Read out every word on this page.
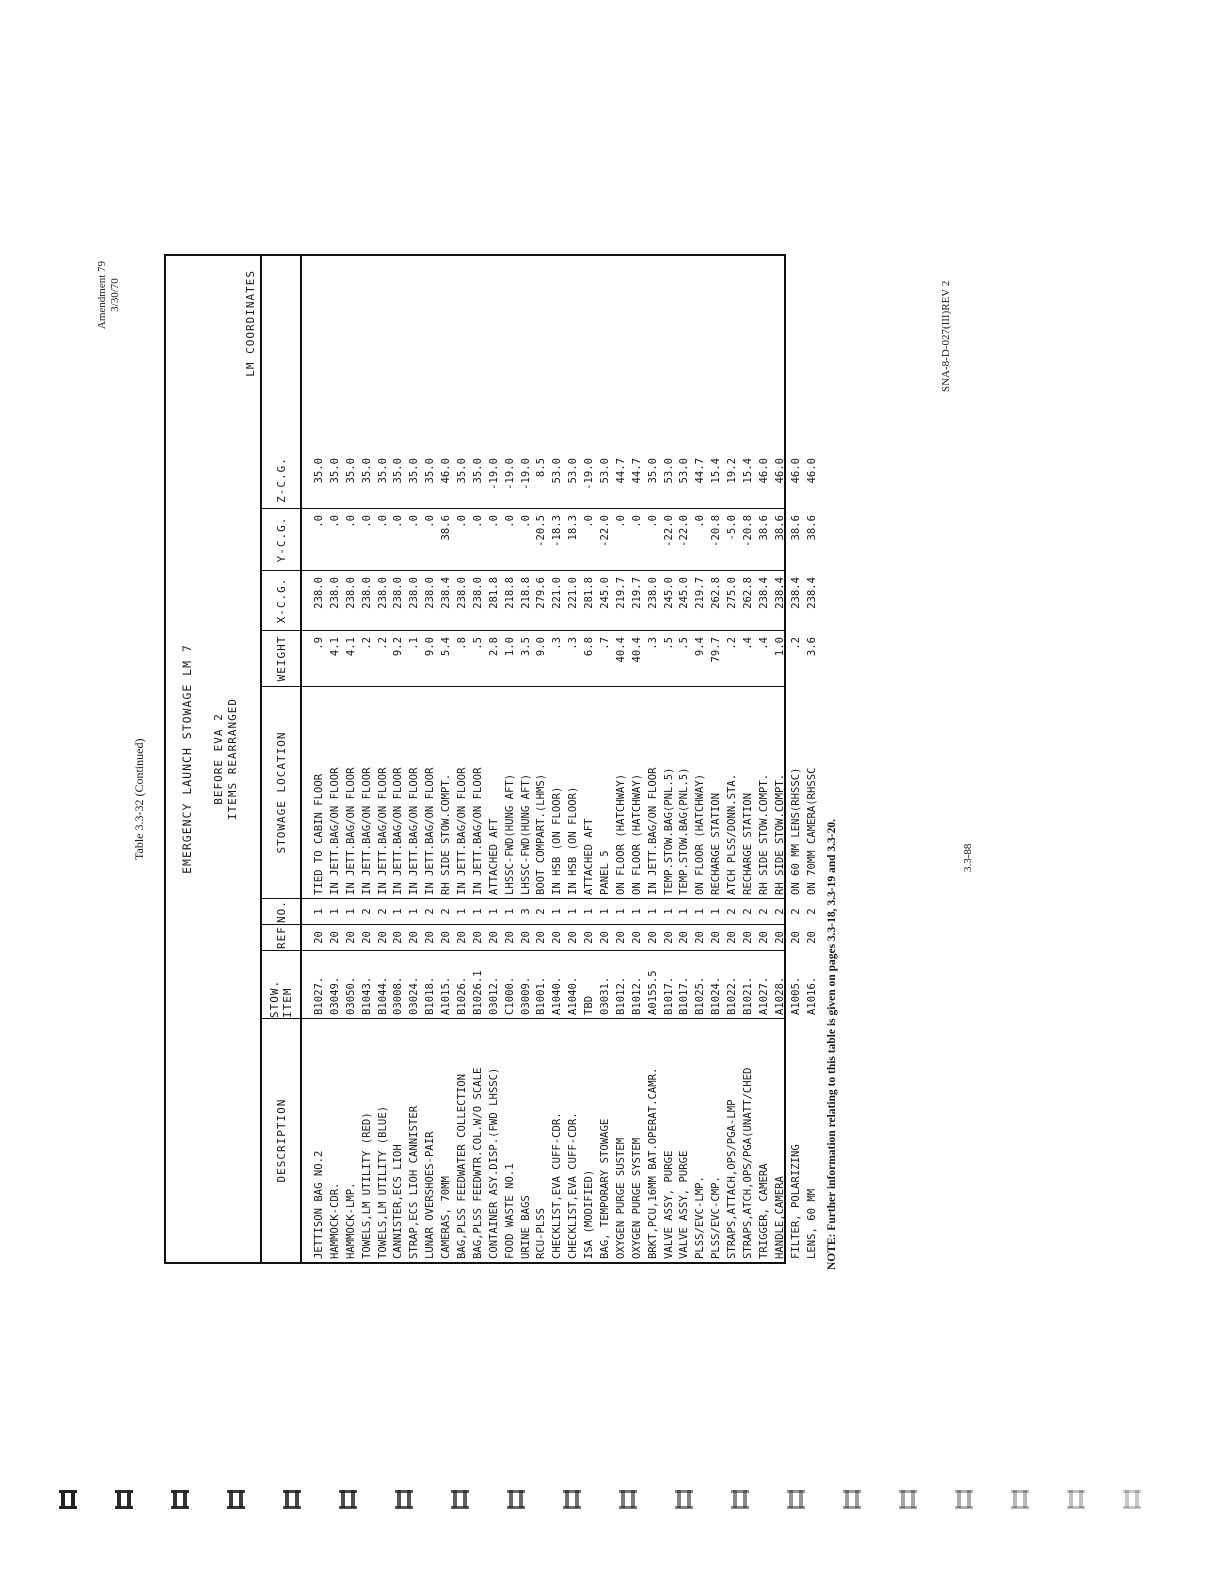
Amendment 79 3/30/70
Table 3.3-32 (Continued)	EMERGENCY LAUNCH STOWAGE LM 7 BEFORE EVA 2 ITEMS REARRANGED
LM COORDINATES
DESCRIPTION
STOW. ITEM
REF
NO.
STOWAGE LOCATION
WEIGHT
X-C.G.
Y-C.G.
Z-C.G.
JETTISON BAG NO.2 HAMMOCK-CDR. HAMMOCK-LMP. TOWELS,LM UTILITY (RED) TOWELS,LM UTILITY (BLUE) CANNISTER,ECS LIOH STRAP,ECS LIOH CANNISTER LUNAR OVERSHOES-PAIR CAMERAS, 70MM BAG,PLSS FEEDWATER COLLECTION BAG,PLSS FEEDWTR.COL.W/O SCALE CONTAINER ASY.DISP.(FWD LHSSC) FOOD WASTE NO.1 URINE BAGS RCU-PLSS CHECKLIST,EVA CUFF-CDR. CHECKLIST,EVA CUFF-CDR. ISA (MODIFIED) BAG, TEMPORARY STOWAGE OXYGEN PURGE SUSTEM OXYGEN PURGE SYSTEM BRKT,PCU,16MM BAT.OPERAT.CAMR. VALVE ASSY, PURGE VALVE ASSY, PURGE PLSS/EVC-LMP. PLSS/EVC-CMP. STRAPS,ATTACH,OPS/PGA-LMP STRAPS,ATCH,OPS/PGA(UNATT/CHED TRIGGER, CAMERA HANDLE,CAMERA FILTER, POLARIZING LENS, 60 MM
B1027. 03049. 03050. B1043. B1044. 03008. 03024. B1018. A1015. B1026. B1026.1 03012. C1000. 03009. B1001. A1040. A1040. TBD 03031. B1012. B1012. A0155.5 B1017. B1017. B1025. B1024. B1022. B1021. A1027. A1028. A1005. A1016.
20 20 20 20 20 20 20 20 20 20 20 20 20 20 20 20 20 20 20 20 20 20 20 20 20 20 20 20 20 20 20 20
1 1 1 2 2 1 1 2 2 1 1 1 1 3 2 1 1 1 1 1 1 1 1 1 1 1 2 2 2 2 2 2
TIED TO CABIN FLOOR IN JETT.BAG/ON FLOOR IN JETT.BAG/ON FLOOR IN JETT.BAG/ON FLOOR IN JETT.BAG/ON FLOOR IN JETT.BAG/ON FLOOR IN JETT.BAG/ON FLOOR IN JETT.BAG/ON FLOOR RH SIDE STOW.COMPT. IN JETT.BAG/ON FLOOR IN JETT.BAG/ON FLOOR ATTACHED AFT LHSSC-FWD(HUNG AFT) LHSSC-FWD(HUNG AFT) BOOT COMPART.(LHMS) IN HSB (ON FLOOR) IN HSB (ON FLOOR) ATTACHED AFT PANEL 5 ON FLOOR (HATCHWAY) ON FLOOR (HATCHWAY) IN JETT.BAG/ON FLOOR TEMP.STOW.BAG(PNL.5) TEMP.STOW.BAG(PNL.5) ON FLOOR (HATCHWAY) RECHARGE STATION ATCH PLSS/DONN.STA. RECHARGE STATION RH SIDE STOW.COMPT. RH SIDE STOW.COMPT. ON 60 MM LENS(RHSSC) ON 70MM CAMERA(RHSSC
.9 4.1 4.1 .2 .2 9.2 .1 9.0 5.4 .8 .5 2.8 1.0 3.5 9.0 .3 .3 6.8 .7 40.4 40.4 .3 .5 .5 9.4 79.7 .2 .4 .4 1.0 .2 3.6
238.0 238.0 238.0 238.0 238.0 238.0 238.0 238.0 238.4 238.0 238.0 281.8 218.8 218.8 279.6 221.0 221.0 281.8 245.0 219.7 219.7 238.0 245.0 245.0 219.7 262.8 275.0 262.8 238.4 238.4 238.4 238.4
.0 .0 .0 .0 .0 .0 .0 .0 38.6 .0 .0 .0 .0 .0 -20.5 -18.3 18.3 .0 -22.0 .0 .0 .0 -22.0 -22.0 .0 -20.8 -5.0 -20.8 38.6 38.6 38.6 38.6
35.0 35.0 35.0 35.0 35.0 35.0 35.0 35.0 46.0 35.0 35.0 -19.0 -19.0 -19.0 8.5 53.0 53.0 -19.0 53.0 44.7 44.7 35.0 53.0 53.0 44.7 15.4 19.2 15.4 46.0 46.0 46.0 46.0
NOTE: Further information relating to this table is given on pages 3.3-18, 3.3-19 and 3.3-20.	3.3-88
SNA-8-D-027(III)REV 2
